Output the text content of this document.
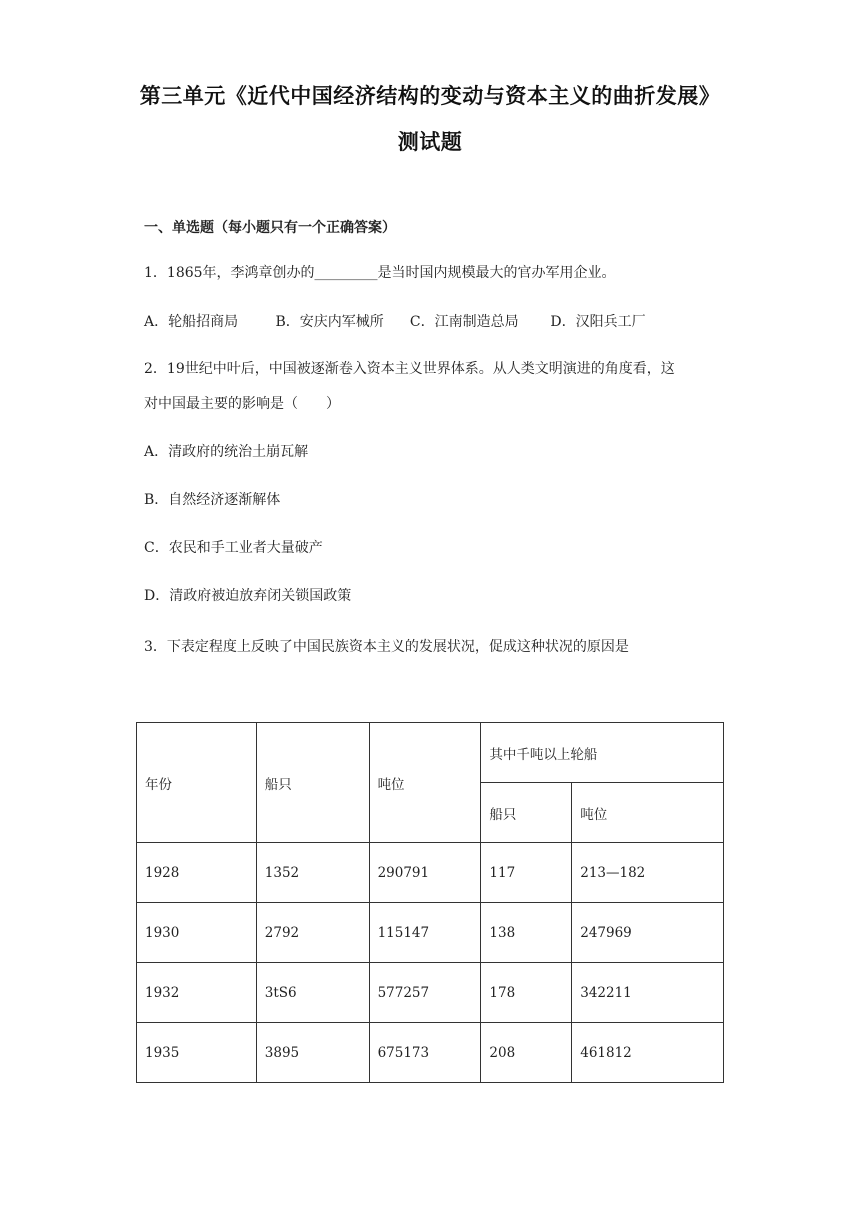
第三单元《近代中国经济结构的变动与资本主义的曲折发展》
测试题
一、单选题（每小题只有一个正确答案）
1．1865年，李鸿章创办的_________是当时国内规模最大的官办军用企业。
A．轮船招商局	B．安庆内军械所 C．江南制造总局 D．汉阳兵工厂
2．19世纪中叶后，中国被逐渐卷入资本主义世界体系。从人类文明演进的角度看，这
对中国最主要的影响是（　　）
A．清政府的统治土崩瓦解
B．自然经济逐渐解体
C．农民和手工业者大量破产
D．清政府被迫放弃闭关锁国政策
3．下表定程度上反映了中国民族资本主义的发展状况，促成这种状况的原因是
年份	船只	吨位	其中千吨以上轮船	
			船只	吨位
1928	1352	290791	117	213—182
1930	2792	115147	138	247969
1932	3tS6	577257	178	342211
1935	3895	675173	208	461812
